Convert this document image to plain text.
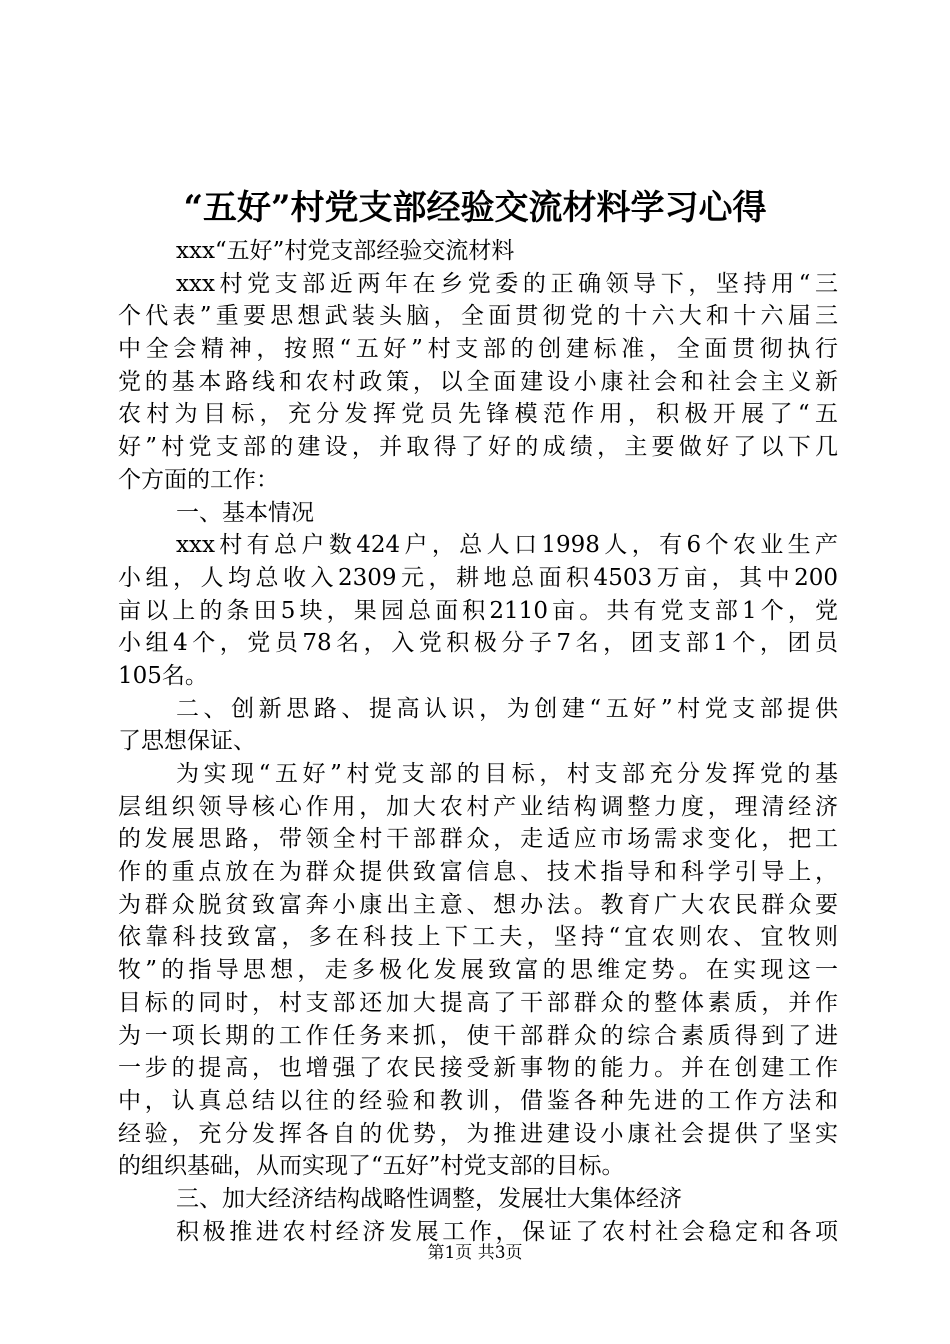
“五好”村党支部经验交流材料学习心得
xxx“五好”村党支部经验交流材料
xxx村党支部近两年在乡党委的正确领导下，坚持用“三
个代表”重要思想武装头脑，全面贯彻党的十六大和十六届三
中全会精神，按照“五好”村支部的创建标准，全面贯彻执行
党的基本路线和农村政策，以全面建设小康社会和社会主义新
农村为目标，充分发挥党员先锋模范作用，积极开展了“五
好”村党支部的建设，并取得了好的成绩，主要做好了以下几
个方面的工作：
一、基本情况
xxx村有总户数424户，总人口1998人，有6个农业生产
小组，人均总收入2309元，耕地总面积4503万亩，其中200
亩以上的条田5块，果园总面积2110亩。共有党支部1个，党
小组4个，党员78名，入党积极分子7名，团支部1个，团员
105名。
二、创新思路、提高认识，为创建“五好”村党支部提供
了思想保证、
为实现“五好”村党支部的目标，村支部充分发挥党的基
层组织领导核心作用，加大农村产业结构调整力度，理清经济
的发展思路，带领全村干部群众，走适应市场需求变化，把工
作的重点放在为群众提供致富信息、技术指导和科学引导上，
为群众脱贫致富奔小康出主意、想办法。教育广大农民群众要
依靠科技致富，多在科技上下工夫，坚持“宜农则农、宜牧则
牧”的指导思想，走多极化发展致富的思维定势。在实现这一
目标的同时，村支部还加大提高了干部群众的整体素质，并作
为一项长期的工作任务来抓，使干部群众的综合素质得到了进
一步的提高，也增强了农民接受新事物的能力。并在创建工作
中，认真总结以往的经验和教训，借鉴各种先进的工作方法和
经验，充分发挥各自的优势，为推进建设小康社会提供了坚实
的组织基础，从而实现了“五好”村党支部的目标。
三、加大经济结构战略性调整，发展壮大集体经济
积极推进农村经济发展工作，保证了农村社会稳定和各项
第1页 共3页
